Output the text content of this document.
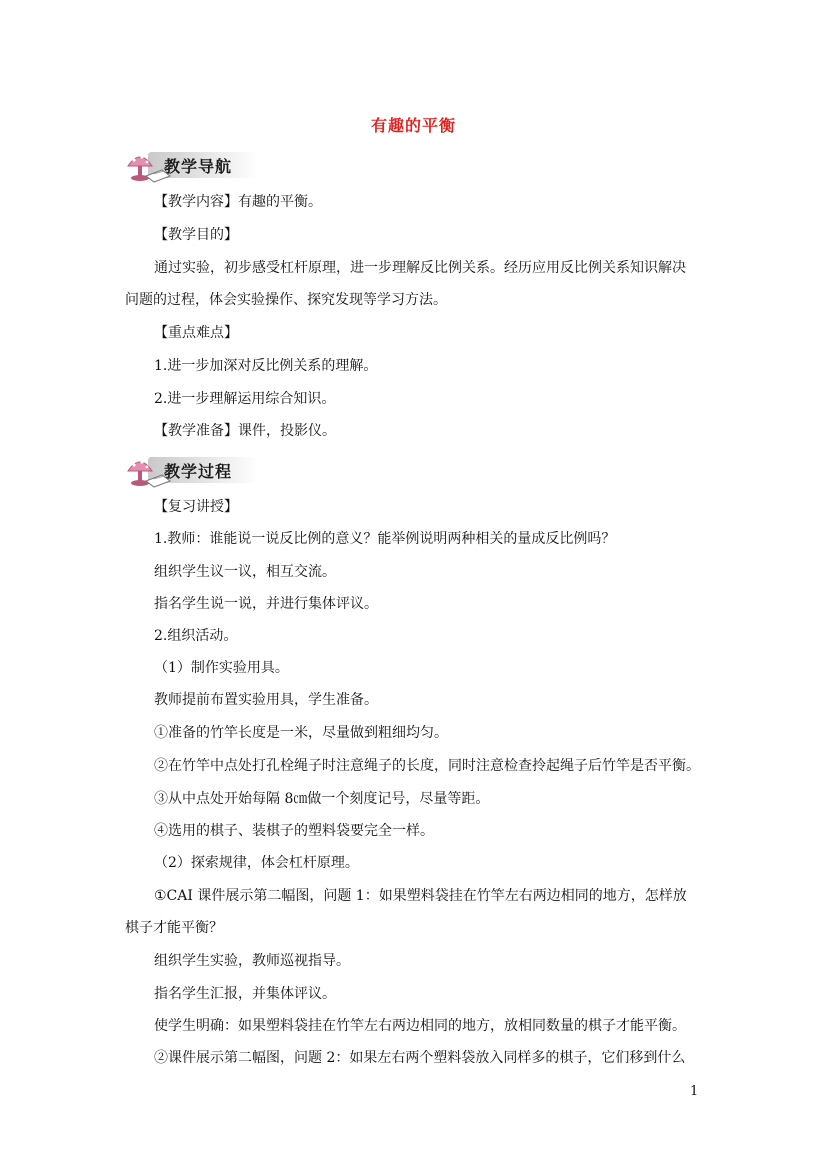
有趣的平衡
教学导航
教学过程
【教学内容】有趣的平衡。
【教学目的】
通过实验，初步感受杠杆原理，进一步理解反比例关系。经历应用反比例关系知识解决
问题的过程，体会实验操作、探究发现等学习方法。
【重点难点】
1.进一步加深对反比例关系的理解。
2.进一步理解运用综合知识。
【教学准备】课件，投影仪。
【复习讲授】
1.教师：谁能说一说反比例的意义？能举例说明两种相关的量成反比例吗？
组织学生议一议，相互交流。
指名学生说一说，并进行集体评议。
2.组织活动。
（1）制作实验用具。
教师提前布置实验用具，学生准备。
①准备的竹竿长度是一米，尽量做到粗细均匀。
②在竹竿中点处打孔栓绳子时注意绳子的长度，同时注意检查拎起绳子后竹竿是否平衡。
③从中点处开始每隔 8㎝做一个刻度记号，尽量等距。
④选用的棋子、装棋子的塑料袋要完全一样。
（2）探索规律，体会杠杆原理。
①CAI 课件展示第二幅图，问题 1：如果塑料袋挂在竹竿左右两边相同的地方，怎样放
棋子才能平衡？
组织学生实验，教师巡视指导。
指名学生汇报，并集体评议。
使学生明确：如果塑料袋挂在竹竿左右两边相同的地方，放相同数量的棋子才能平衡。
②课件展示第二幅图，问题 2：如果左右两个塑料袋放入同样多的棋子，它们移到什么
1
